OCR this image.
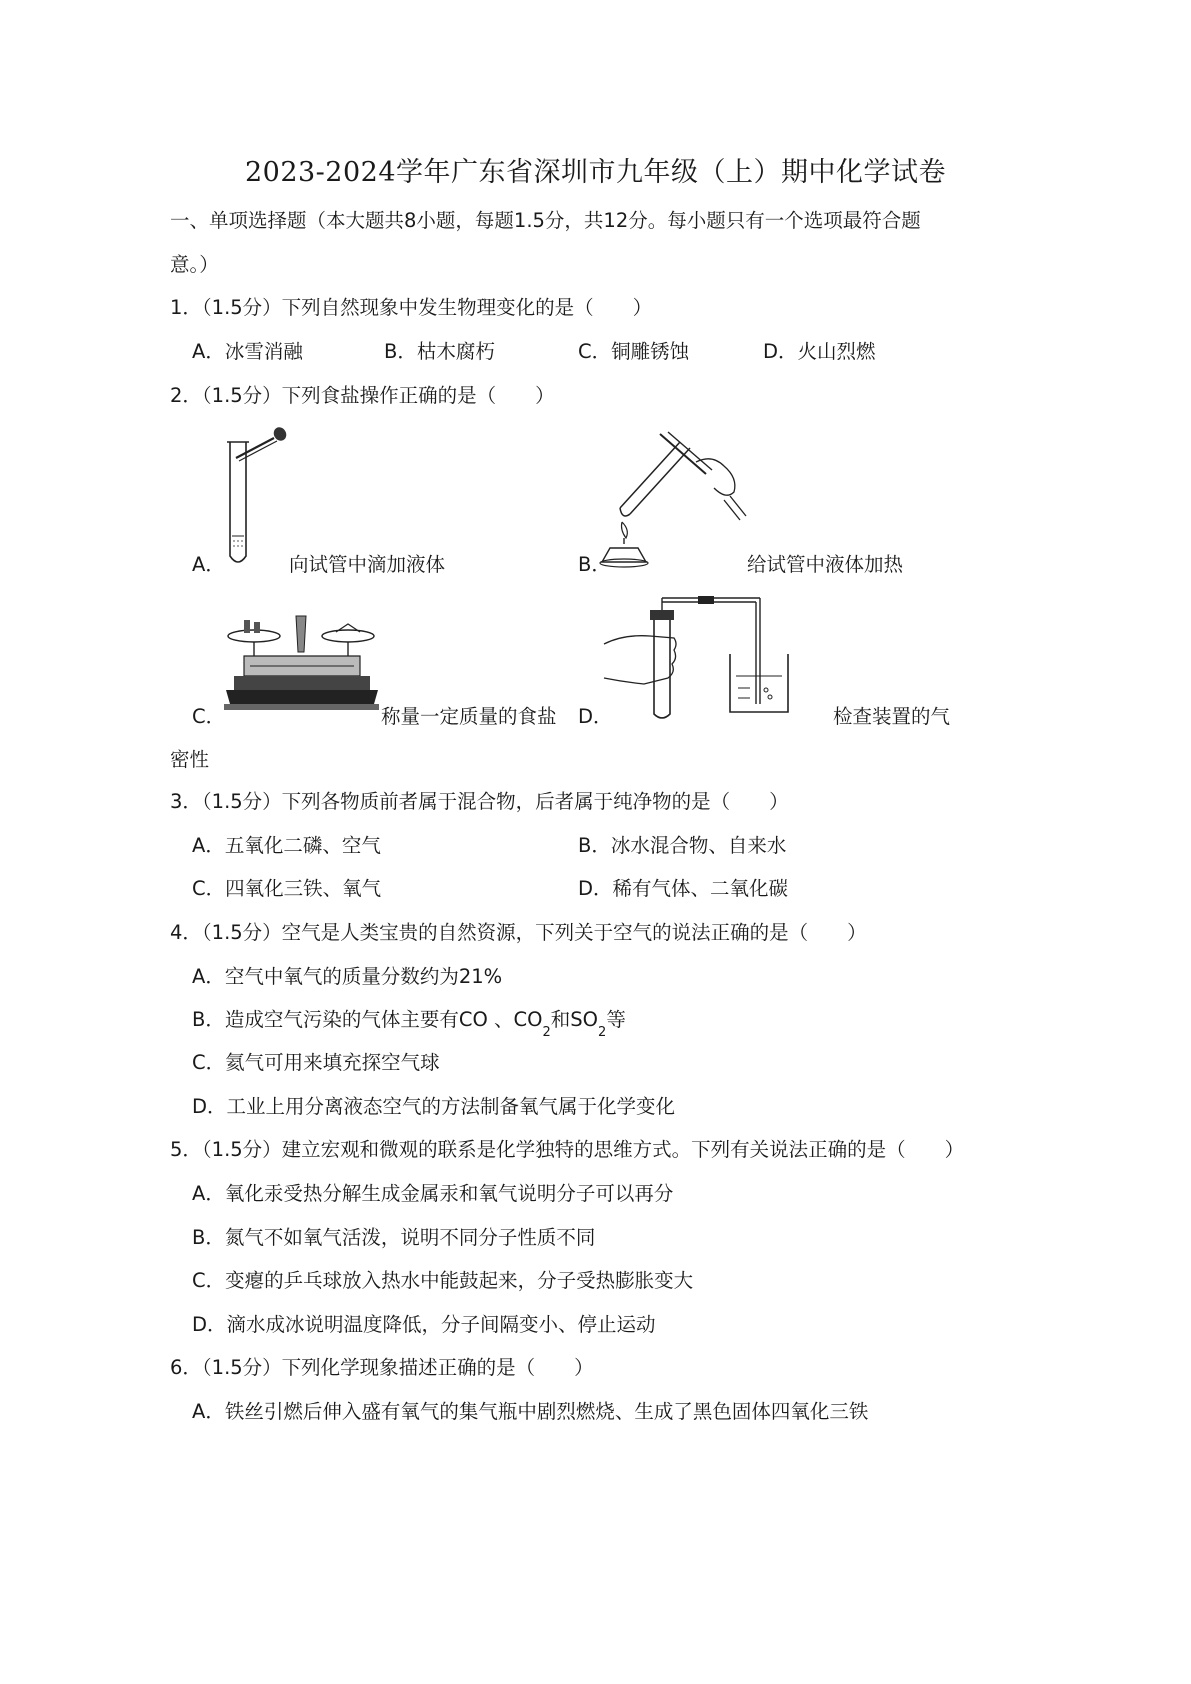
2023-2024学年广东省深圳市九年级（上）期中化学试卷
一、单项选择题（本大题共8小题，每题1.5分，共12分。每小题只有一个选项最符合题
意。）
1．（1.5分）下列自然现象中发生物理变化的是（　　）
A．冰雪消融	B．枯木腐朽	C．铜雕锈蚀	D．火山烈燃
2．（1.5分）下列食盐操作正确的是（　　）
A．	向试管中滴加液体	B．	给试管中液体加热
C．	称量一定质量的食盐 D．	检查装置的气
密性
3．（1.5分）下列各物质前者属于混合物，后者属于纯净物的是（　　）
A．五氧化二磷、空气	B．冰水混合物、自来水
C．四氧化三铁、氧气	D．稀有气体、二氧化碳
4．（1.5分）空气是人类宝贵的自然资源，下列关于空气的说法正确的是（　　）
A．空气中氧气的质量分数约为21%
B．造成空气污染的气体主要有CO 、$CO_2$和$SO_2$等
C．氦气可用来填充探空气球
D．工业上用分离液态空气的方法制备氧气属于化学变化
5．（1.5分）建立宏观和微观的联系是化学独特的思维方式。下列有关说法正确的是（　　）
A．氧化汞受热分解生成金属汞和氧气说明分子可以再分
B．氮气不如氧气活泼，说明不同分子性质不同
C．变瘪的乒乓球放入热水中能鼓起来，分子受热膨胀变大
D．滴水成冰说明温度降低，分子间隔变小、停止运动
6．（1.5分）下列化学现象描述正确的是（　　）
A．铁丝引燃后伸入盛有氧气的集气瓶中剧烈燃烧、生成了黑色固体四氧化三铁
